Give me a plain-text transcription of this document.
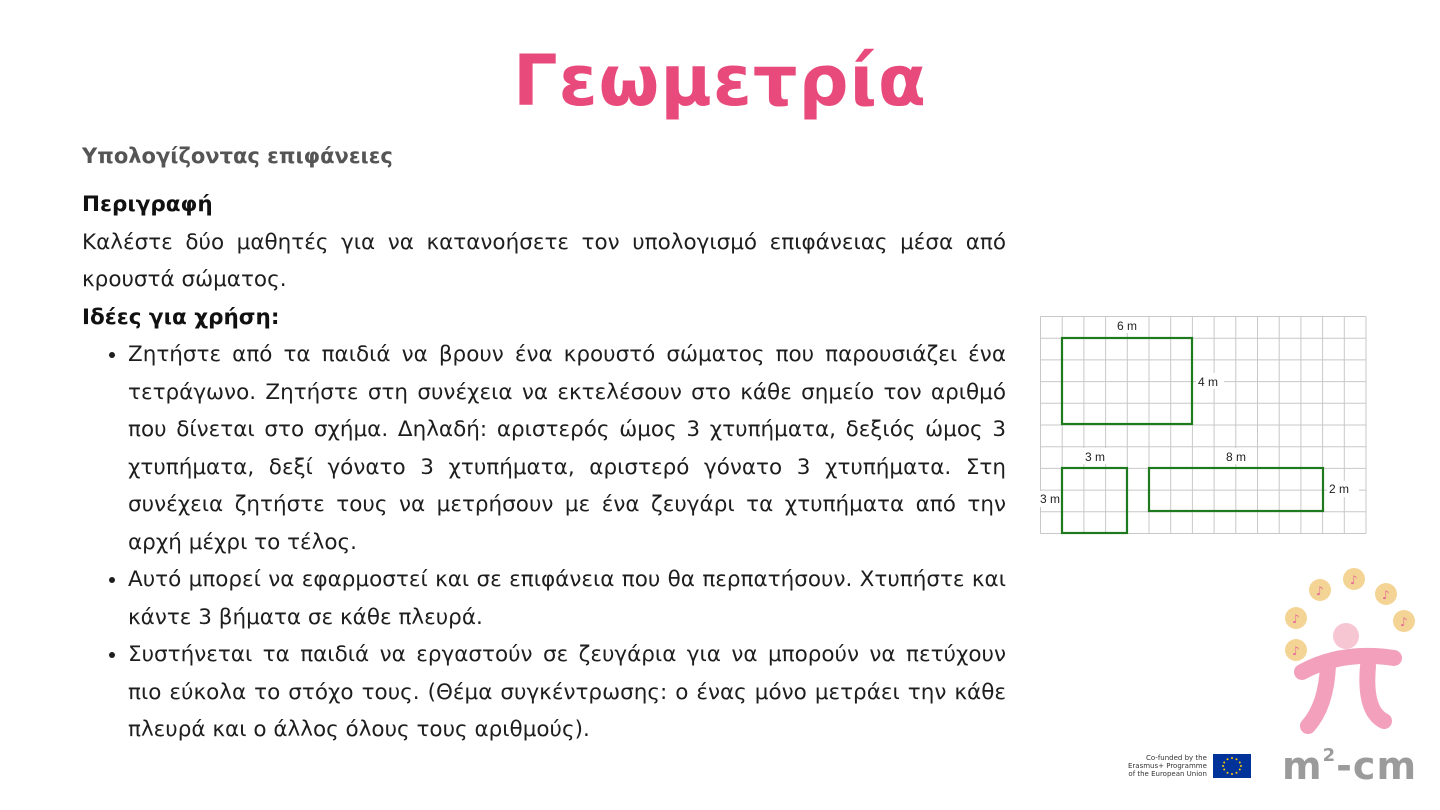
Γεωμετρία
Υπολογίζοντας επιφάνειες
Περιγραφή

Καλέστε δύο μαθητές για να κατανοήσετε τον υπολογισμό επιφάνειας μέσα από κρουστά σώματος.

Ιδέες για χρήση:
• Ζητήστε από τα παιδιά να βρουν ένα κρουστό σώματος που παρουσιάζει ένα τετράγωνο. Ζητήστε στη συνέχεια να εκτελέσουν στο κάθε σημείο τον αριθμό που δίνεται στο σχήμα. Δηλαδή: αριστερός ώμος 3 χτυπήματα, δεξιός ώμος 3 χτυπήματα, δεξί γόνατο 3 χτυπήματα, αριστερό γόνατο 3 χτυπήματα. Στη συνέχεια ζητήστε τους να μετρήσουν με ένα ζευγάρι τα χτυπήματα από την αρχή μέχρι το τέλος.
• Αυτό μπορεί να εφαρμοστεί και σε επιφάνεια που θα περπατήσουν. Χτυπήστε και κάντε 3 βήματα σε κάθε πλευρά.
• Συστήνεται τα παιδιά να εργαστούν σε ζευγάρια για να μπορούν να πετύχουν πιο εύκολα το στόχο τους. (Θέμα συγκέντρωσης: ο ένας μόνο μετράει την κάθε πλευρά και ο άλλος όλους τους αριθμούς).
6 m
4 m
3 m	8 m
2 m
3 m
♪
♪
♪
♪	♪
♪
Co-funded by the
Erasmus+ Programme
of the European Union $m^2-cm$
